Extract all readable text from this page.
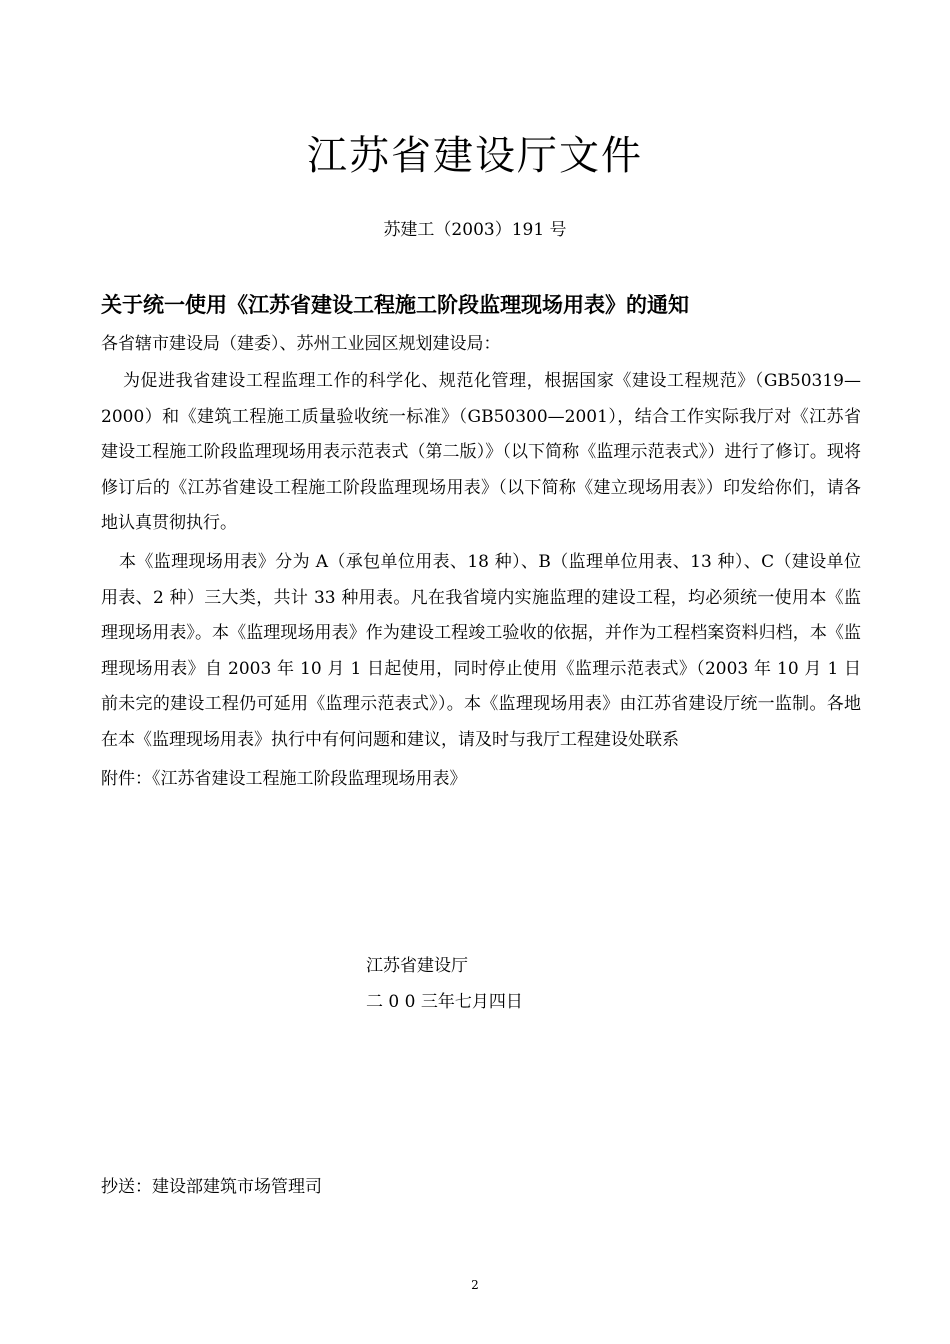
江苏省建设厅文件
苏建工（2003）191 号
关于统一使用《江苏省建设工程施工阶段监理现场用表》的通知
各省辖市建设局（建委）、苏州工业园区规划建设局：
为促进我省建设工程监理工作的科学化、规范化管理，根据国家《建设工程规范》（GB50319—2000）和《建筑工程施工质量验收统一标准》（GB50300—2001），结合工作实际我厅对《江苏省建设工程施工阶段监理现场用表示范表式（第二版）》（以下简称《监理示范表式》）进行了修订。现将修订后的《江苏省建设工程施工阶段监理现场用表》（以下简称《建立现场用表》）印发给你们，请各地认真贯彻执行。
本《监理现场用表》分为 A（承包单位用表、18 种）、B（监理单位用表、13 种）、C（建设单位用表、2 种）三大类，共计 33 种用表。凡在我省境内实施监理的建设工程，均必须统一使用本《监理现场用表》。本《监理现场用表》作为建设工程竣工验收的依据，并作为工程档案资料归档，本《监理现场用表》自 2003 年 10 月 1 日起使用，同时停止使用《监理示范表式》（2003 年 10 月 1 日前未完的建设工程仍可延用《监理示范表式》）。本《监理现场用表》由江苏省建设厅统一监制。各地在本《监理现场用表》执行中有何问题和建议，请及时与我厅工程建设处联系
附件：《江苏省建设工程施工阶段监理现场用表》
江苏省建设厅
二 0 0 三年七月四日
抄送：建设部建筑市场管理司
2
